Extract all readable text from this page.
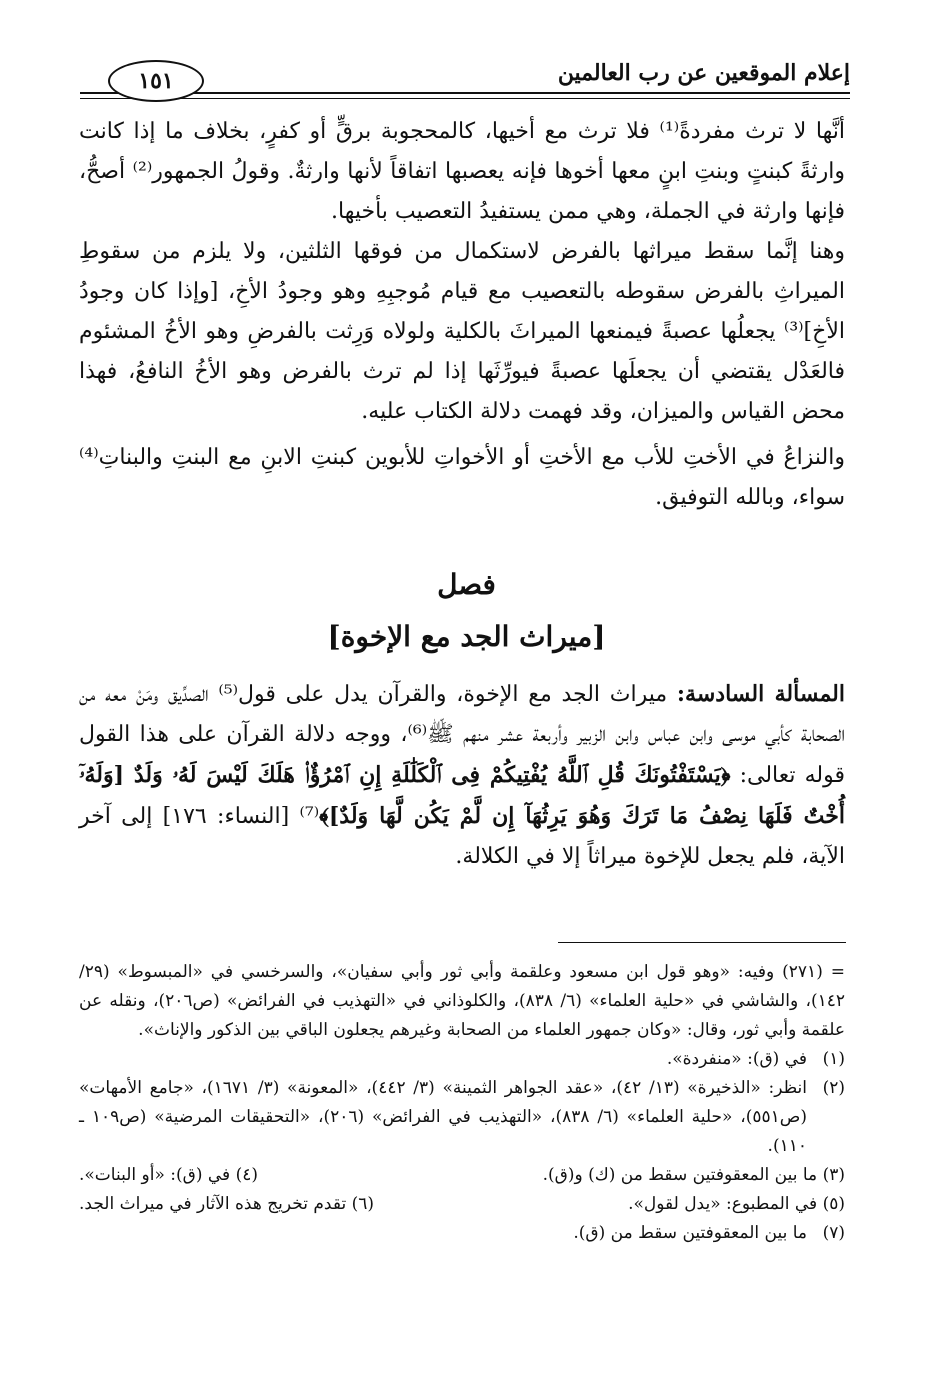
إعلام الموقعين عن رب العالمين
١٥١

أنَّها لا ترث مفردةً⁽¹⁾ فلا ترث مع أخيها، كالمحجوبة برقٍّ أو كفرٍ، بخلاف ما إذا كانت وارثةً كبنتٍ وبنتِ ابنٍ معها أخوها فإنه يعصبها اتفاقاً لأنها وارثةٌ. وقولُ الجمهور⁽²⁾ أصحُّ، فإنها وارثة في الجملة، وهي ممن يستفيدُ التعصيب بأخيها.

وهنا إنَّما سقط ميراثها بالفرض لاستكمال من فوقها الثلثين، ولا يلزم من سقوطِ الميراثِ بالفرض سقوطه بالتعصيب مع قيام مُوجبِهِ وهو وجودُ الأخِ، [وإذا كان وجودُ الأخِ]⁽³⁾ يجعلُها عصبةً فيمنعها الميراثَ بالكلية ولولاه وَرِثت بالفرضِ وهو الأخُ المشئوم فالعَدْل يقتضي أن يجعلَها عصبةً فيورِّثَها إذا لم ترث بالفرض وهو الأخُ النافعُ، فهذا محض القياس والميزان، وقد فهمت دلالة الكتاب عليه.

والنزاعُ في الأختِ للأب مع الأختِ أو الأخواتِ للأبوين كبنتِ الابنِ مع البنتِ والبناتِ⁽⁴⁾ سواء، وبالله التوفيق.

فصل
[ميراث الجد مع الإخوة]

المسألة السادسة: ميراث الجد مع الإخوة، والقرآن يدل على قول⁽⁵⁾ الصدِّيق ومَنْ معه من الصحابة كأبي موسى وابن عباس وابن الزبير وأربعة عشر منهم ﷺ⁽⁶⁾، ووجه دلالة القرآن على هذا القول قوله تعالى: ﴿يَسْتَفْتُونَكَ قُلِ ٱللَّهُ يُفْتِيكُمْ فِى ٱلْكَلَٰلَةِ إِنِ ٱمْرُؤٌا۟ هَلَكَ لَيْسَ لَهُۥ وَلَدٌ [وَلَهُۥٓ أُخْتٌ فَلَهَا نِصْفُ مَا تَرَكَ وَهُوَ يَرِثُهَآ إِن لَّمْ يَكُن لَّهَا وَلَدٌ]﴾⁽⁷⁾ [النساء: ١٧٦] إلى آخر الآية، فلم يجعل للإخوة ميراثاً إلا في الكلالة.

= (٢٧١) وفيه: «وهو قول ابن مسعود وعلقمة وأبي ثور وأبي سفيان»، والسرخسي في «المبسوط» (٢٩/ ١٤٢)، والشاشي في «حلية العلماء» (٦/ ٨٣٨)، والكلوذاني في «التهذيب في الفرائض» (ص٢٠٦)، ونقله عن علقمة وأبي ثور، وقال: «وكان جمهور العلماء من الصحابة وغيرهم يجعلون الباقي بين الذكور والإناث».

(١)
في (ق): «منفردة».
(٢)
انظر: «الذخيرة» (١٣/ ٤٢)، «عقد الجواهر الثمينة» (٣/ ٤٤٢)، «المعونة» (٣/ ١٦٧١)، «جامع الأمهات» (ص٥٥١)، «حلية العلماء» (٦/ ٨٣٨)، «التهذيب في الفرائض» (٢٠٦)، «التحقيقات المرضية» (ص١٠٩ ـ ١١٠).
(٣) ما بين المعقوفتين سقط من (ك) و(ق).
(٤) في (ق): «أو البنات».
(٥) في المطبوع: «يدل لقول».
(٦) تقدم تخريج هذه الآثار في ميراث الجد.
(٧)
ما بين المعقوفتين سقط من (ق).
